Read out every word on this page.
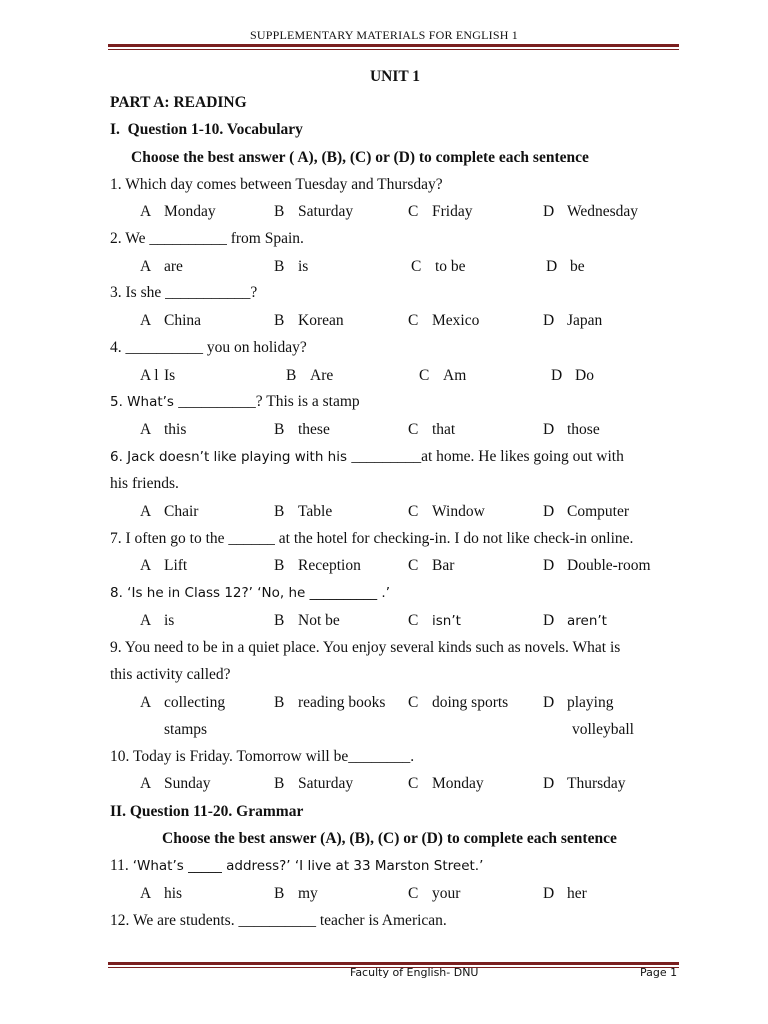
SUPPLEMENTARY MATERIALS FOR ENGLISH 1
UNIT 1
PART A: READING
I. Question 1-10. Vocabulary
Choose the best answer ( A), (B), (C) or (D) to complete each sentence
1. Which day comes between Tuesday and Thursday?
A Monday	B Saturday	C Friday	D Wednesday
2. We __________ from Spain.
A are	B is	C to be	D be
3. Is she ___________?
A China	B Korean	C Mexico	D Japan
4. __________ you on holiday?
A l Is	B Are	C Am	D Do
5. What’s __________? This is a stamp
A this	B these	C that	D those
6. Jack doesn’t like playing with his _________at home. He likes going out with
his friends.
A Chair	B Table	C Window	D Computer
7. I often go to the ______ at the hotel for checking-in. I do not like check-in online.
A Lift	B Reception	C Bar	D Double-room
8. ‘Is he in Class 12?’ ‘No, he __________ .’
A is	B Not be	C isn’t	D aren’t
9. You need to be in a quiet place. You enjoy several kinds such as novels. What is
this activity called?
A collecting	B reading books C doing sports D playing
stamps	volleyball
10. Today is Friday. Tomorrow will be________.
A Sunday	B Saturday	C Monday	D Thursday
II. Question 11-20. Grammar
Choose the best answer (A), (B), (C) or (D) to complete each sentence
11. ‘What’s _____ address?’ ‘I live at 33 Marston Street.’
A his	B my	C your	D her
12. We are students. __________ teacher is American.
Faculty of English- DNU	Page 1
